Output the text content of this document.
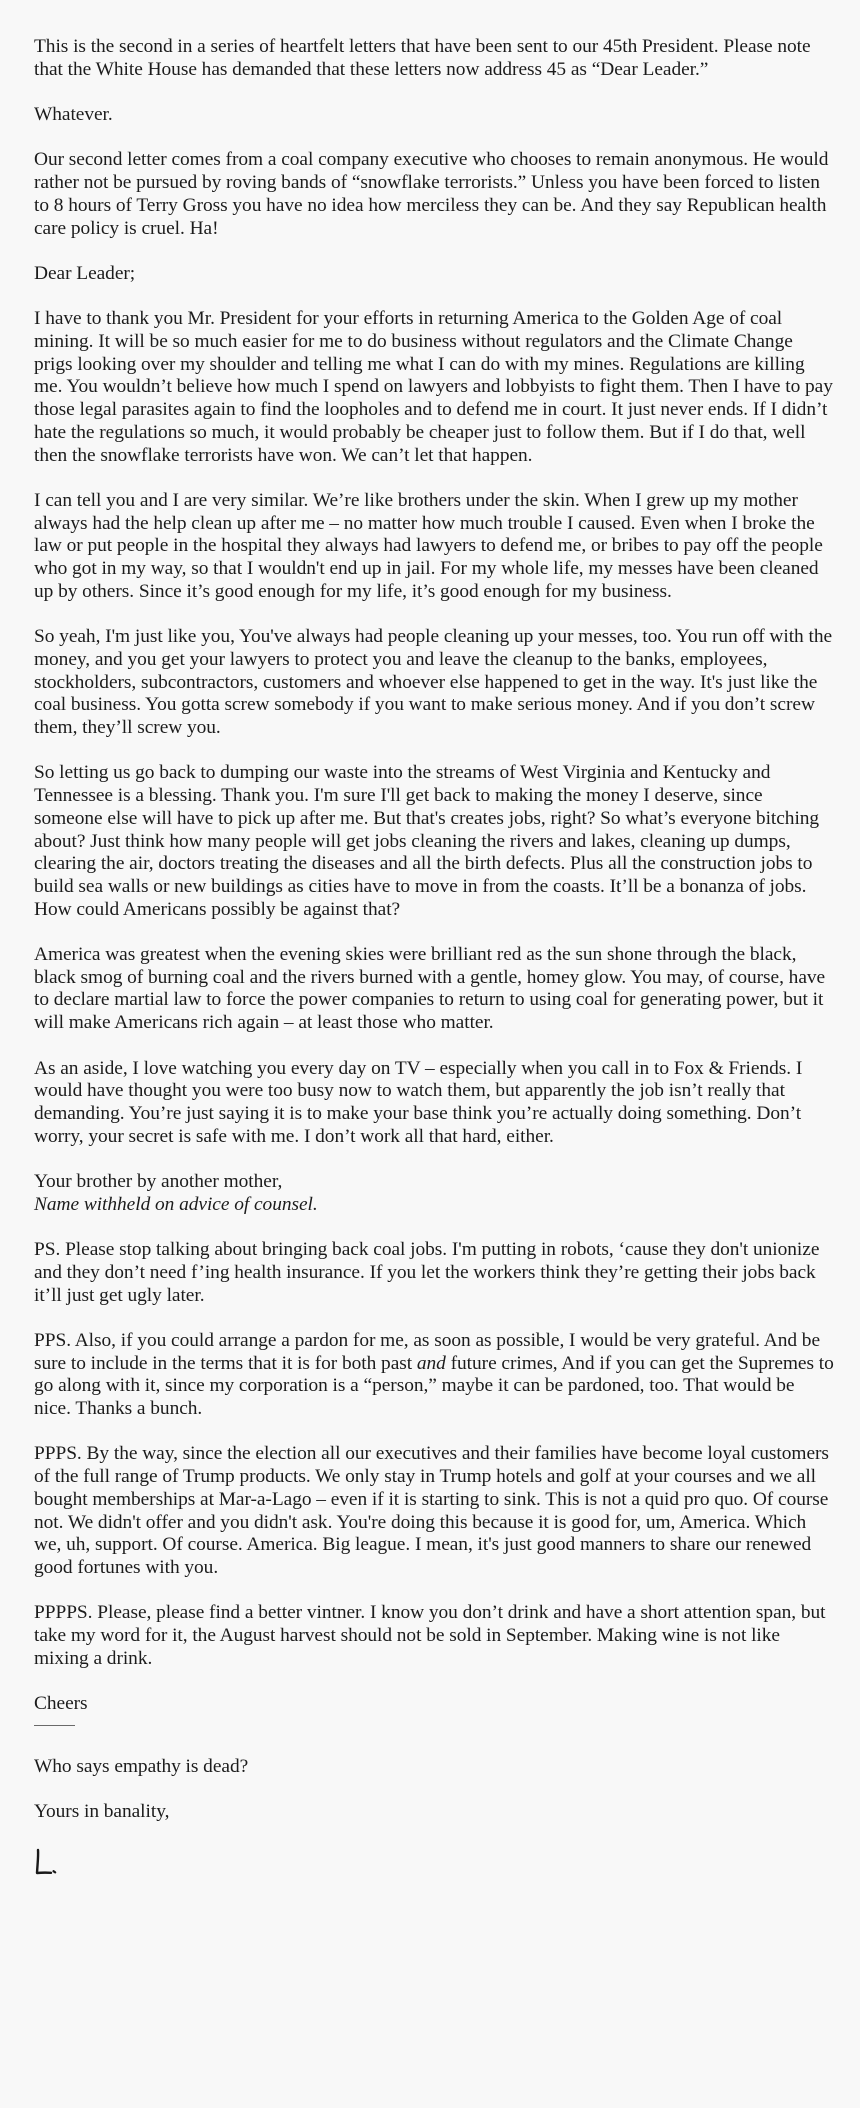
This is the second in a series of heartfelt letters that have been sent to our 45th President. Please note that the White House has demanded that these letters now address 45 as “Dear Leader.”

Whatever.

Our second letter comes from a coal company executive who chooses to remain anonymous. He would rather not be pursued by roving bands of “snowflake terrorists.” Unless you have been forced to listen to 8 hours of Terry Gross you have no idea how merciless they can be. And they say Republican health care policy is cruel. Ha!

Dear Leader;

I have to thank you Mr. President for your efforts in returning America to the Golden Age of coal mining. It will be so much easier for me to do business without regulators and the Climate Change prigs looking over my shoulder and telling me what I can do with my mines. Regulations are killing me. You wouldn’t believe how much I spend on lawyers and lobbyists to fight them. Then I have to pay those legal parasites again to find the loopholes and to defend me in court. It just never ends. If I didn’t hate the regulations so much, it would probably be cheaper just to follow them. But if I do that, well then the snowflake terrorists have won. We can’t let that happen.

I can tell you and I are very similar. We’re like brothers under the skin. When I grew up my mother always had the help clean up after me – no matter how much trouble I caused. Even when I broke the law or put people in the hospital they always had lawyers to defend me, or bribes to pay off the people who got in my way, so that I wouldn't end up in jail. For my whole life, my messes have been cleaned up by others. Since it’s good enough for my life, it’s good enough for my business.

So yeah, I'm just like you, You've always had people cleaning up your messes, too. You run off with the money, and you get your lawyers to protect you and leave the cleanup to the banks, employees, stockholders, subcontractors, customers and whoever else happened to get in the way. It's just like the coal business. You gotta screw somebody if you want to make serious money. And if you don’t screw them, they’ll screw you.

So letting us go back to dumping our waste into the streams of West Virginia and Kentucky and Tennessee is a blessing. Thank you. I'm sure I'll get back to making the money I deserve, since someone else will have to pick up after me. But that's creates jobs, right? So what’s everyone bitching about? Just think how many people will get jobs cleaning the rivers and lakes, cleaning up dumps, clearing the air, doctors treating the diseases and all the birth defects. Plus all the construction jobs to build sea walls or new buildings as cities have to move in from the coasts. It’ll be a bonanza of jobs. How could Americans possibly be against that?

America was greatest when the evening skies were brilliant red as the sun shone through the black, black smog of burning coal and the rivers burned with a gentle, homey glow. You may, of course, have to declare martial law to force the power companies to return to using coal for generating power, but it will make Americans rich again – at least those who matter.

As an aside, I love watching you every day on TV – especially when you call in to Fox & Friends. I would have thought you were too busy now to watch them, but apparently the job isn’t really that demanding. You’re just saying it is to make your base think you’re actually doing something. Don’t worry, your secret is safe with me. I don’t work all that hard, either.

Your brother by another mother,
Name withheld on advice of counsel.

PS. Please stop talking about bringing back coal jobs. I'm putting in robots, ‘cause they don't unionize and they don’t need f’ing health insurance. If you let the workers think they’re getting their jobs back it’ll just get ugly later.

PPS. Also, if you could arrange a pardon for me, as soon as possible, I would be very grateful. And be sure to include in the terms that it is for both past and future crimes, And if you can get the Supremes to go along with it, since my corporation is a “person,” maybe it can be pardoned, too. That would be nice. Thanks a bunch.

PPPS. By the way, since the election all our executives and their families have become loyal customers of the full range of Trump products. We only stay in Trump hotels and golf at your courses and we all bought memberships at Mar-a-Lago – even if it is starting to sink. This is not a quid pro quo. Of course not. We didn't offer and you didn't ask. You're doing this because it is good for, um, America. Which we, uh, support. Of course. America. Big league. I mean, it's just good manners to share our renewed good fortunes with you.

PPPPS. Please, please find a better vintner. I know you don’t drink and have a short attention span, but take my word for it, the August harvest should not be sold in September. Making wine is not like mixing a drink.

Cheers

Who says empathy is dead?

Yours in banality,
